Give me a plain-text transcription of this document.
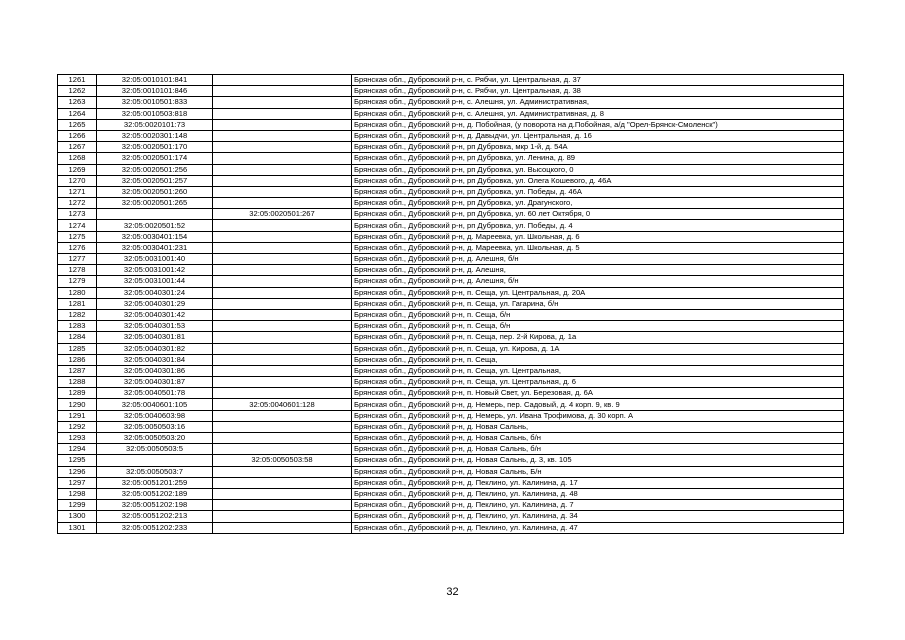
1261	32:05:0010101:841		Брянская обл., Дубровский р-н, с. Рябчи, ул. Центральная, д. 37
1262	32:05:0010101:846		Брянская обл., Дубровский р-н, с. Рябчи, ул. Центральная, д. 38
1263	32:05:0010501:833		Брянская обл., Дубровский р-н, с. Алешня, ул. Административная,
1264	32:05:0010503:818		Брянская обл., Дубровский р-н, с. Алешня, ул. Административная, д. 8
1265	32:05:0020101:73		Брянская обл., Дубровский р-н, д. Побойная, (у поворота на д.Побойная, а/д "Орел-Брянск-Смоленск")
1266	32:05:0020301:148		Брянская обл., Дубровский р-н, д. Давыдчи, ул. Центральная, д. 16
1267	32:05:0020501:170		Брянская обл., Дубровский р-н, рп Дубровка, мкр 1-й, д. 54А
1268	32:05:0020501:174		Брянская обл., Дубровский р-н, рп Дубровка, ул. Ленина, д. 89
1269	32:05:0020501:256		Брянская обл., Дубровский р-н, рп Дубровка, ул. Высоцкого, 0
1270	32:05:0020501:257		Брянская обл., Дубровский р-н, рп Дубровка, ул. Олега Кошевого, д. 46А
1271	32:05:0020501:260		Брянская обл., Дубровский р-н, рп Дубровка, ул. Победы, д. 46А
1272	32:05:0020501:265		Брянская обл., Дубровский р-н, рп Дубровка, ул. Драгунского,
1273		32:05:0020501:267	Брянская обл., Дубровский р-н, рп Дубровка, ул. 60 лет Октября, 0
1274	32:05:0020501:52		Брянская обл., Дубровский р-н, рп Дубровка, ул. Победы, д. 4
1275	32:05:0030401:154		Брянская обл., Дубровский р-н, д. Мареевка, ул. Школьная, д. 6
1276	32:05:0030401:231		Брянская обл., Дубровский р-н, д. Мареевка, ул. Школьная, д. 5
1277	32:05:0031001:40		Брянская обл., Дубровский р-н, д. Алешня, б/н
1278	32:05:0031001:42		Брянская обл., Дубровский р-н, д. Алешня,
1279	32:05:0031001:44		Брянская обл., Дубровский р-н, д. Алешня, б/н
1280	32:05:0040301:24		Брянская обл., Дубровский р-н, п. Сеща, ул. Центральная, д. 20А
1281	32:05:0040301:29		Брянская обл., Дубровский р-н, п. Сеща, ул. Гагарина, б/н
1282	32:05:0040301:42		Брянская обл., Дубровский р-н, п. Сеща, б/н
1283	32:05:0040301:53		Брянская обл., Дубровский р-н, п. Сеща, б/н
1284	32:05:0040301:81		Брянская обл., Дубровский р-н, п. Сеща, пер. 2-й Кирова, д. 1а
1285	32:05:0040301:82		Брянская обл., Дубровский р-н, п. Сеща, ул. Кирова, д. 1А
1286	32:05:0040301:84		Брянская обл., Дубровский р-н, п. Сеща,
1287	32:05:0040301:86		Брянская обл., Дубровский р-н, п. Сеща, ул. Центральная,
1288	32:05:0040301:87		Брянская обл., Дубровский р-н, п. Сеща, ул. Центральная, д. 6
1289	32:05:0040501:78		Брянская обл., Дубровский р-н, п. Новый Свет, ул. Березовая, д. 6А
1290	32:05:0040601:105	32:05:0040601:128	Брянская обл., Дубровский р-н, д. Немерь, пер. Садовый, д. 4 корп. 9, кв. 9
1291	32:05:0040603:98		Брянская обл., Дубровский р-н, д. Немерь, ул. Ивана Трофимова, д. 30 корп. А
1292	32:05:0050503:16		Брянская обл., Дубровский р-н, д. Новая Сальнь,
1293	32:05:0050503:20		Брянская обл., Дубровский р-н, д. Новая Сальнь, б/н
1294	32:05:0050503:5		Брянская обл., Дубровский р-н, д. Новая Сальнь, б/н
1295		32:05:0050503:58	Брянская обл., Дубровский р-н, д. Новая Сальнь, д. 3, кв. 105
1296	32:05:0050503:7		Брянская обл., Дубровский р-н, д. Новая Сальнь, Б/н
1297	32:05:0051201:259		Брянская обл., Дубровский р-н, д. Пеклино, ул. Калинина, д. 17
1298	32:05:0051202:189		Брянская обл., Дубровский р-н, д. Пеклино, ул. Калинина, д. 48
1299	32:05:0051202:198		Брянская обл., Дубровский р-н, д. Пеклино, ул. Калинина, д. 7
1300	32:05:0051202:213		Брянская обл., Дубровский р-н, д. Пеклино, ул. Калинина, д. 34
1301	32:05:0051202:233		Брянская обл., Дубровский р-н, д. Пеклино, ул. Калинина, д. 47
32
